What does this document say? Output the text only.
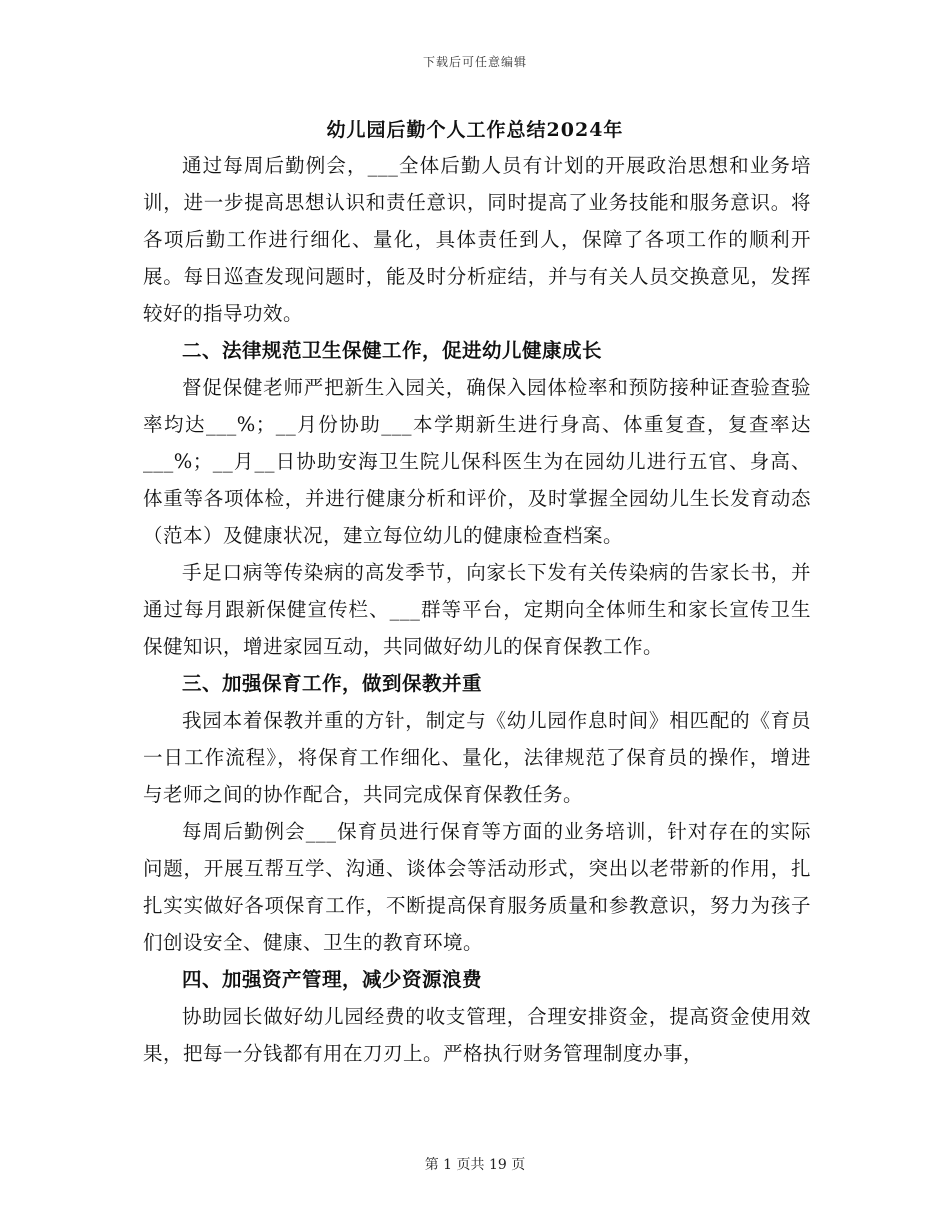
下载后可任意编辑
幼儿园后勤个人工作总结2024年

通过每周后勤例会，___全体后勤人员有计划的开展政治思想和业务培训，进一步提高思想认识和责任意识，同时提高了业务技能和服务意识。将各项后勤工作进行细化、量化，具体责任到人，保障了各项工作的顺利开展。每日巡查发现问题时，能及时分析症结，并与有关人员交换意见，发挥较好的指导功效。

二、法律规范卫生保健工作，促进幼儿健康成长

督促保健老师严把新生入园关，确保入园体检率和预防接种证查验查验率均达___%；__月份协助___本学期新生进行身高、体重复查，复查率达___%；__月__日协助安海卫生院儿保科医生为在园幼儿进行五官、身高、体重等各项体检，并进行健康分析和评价，及时掌握全园幼儿生长发育动态（范本）及健康状况，建立每位幼儿的健康检查档案。

手足口病等传染病的高发季节，向家长下发有关传染病的告家长书，并通过每月跟新保健宣传栏、___群等平台，定期向全体师生和家长宣传卫生保健知识，增进家园互动，共同做好幼儿的保育保教工作。

三、加强保育工作，做到保教并重

我园本着保教并重的方针，制定与《幼儿园作息时间》相匹配的《育员一日工作流程》，将保育工作细化、量化，法律规范了保育员的操作，增进与老师之间的协作配合，共同完成保育保教任务。

每周后勤例会___保育员进行保育等方面的业务培训，针对存在的实际问题，开展互帮互学、沟通、谈体会等活动形式，突出以老带新的作用，扎扎实实做好各项保育工作，不断提高保育服务质量和参教意识，努力为孩子们创设安全、健康、卫生的教育环境。

四、加强资产管理，减少资源浪费

协助园长做好幼儿园经费的收支管理，合理安排资金，提高资金使用效果，把每一分钱都有用在刀刃上。严格执行财务管理制度办事，

第 1 页共 19 页
